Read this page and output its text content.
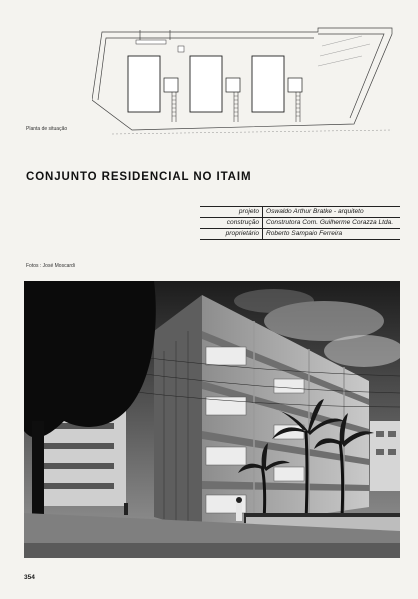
Planta de situação
CONJUNTO RESIDENCIAL NO ITAIM
projeto	Oswaldo Arthur Bratke - arquiteto
construção	Construtora Com. Guilherme Corazza Ltda.
proprietário	Roberto Sampaio Ferreira
Fotos : José Moscardi
354
